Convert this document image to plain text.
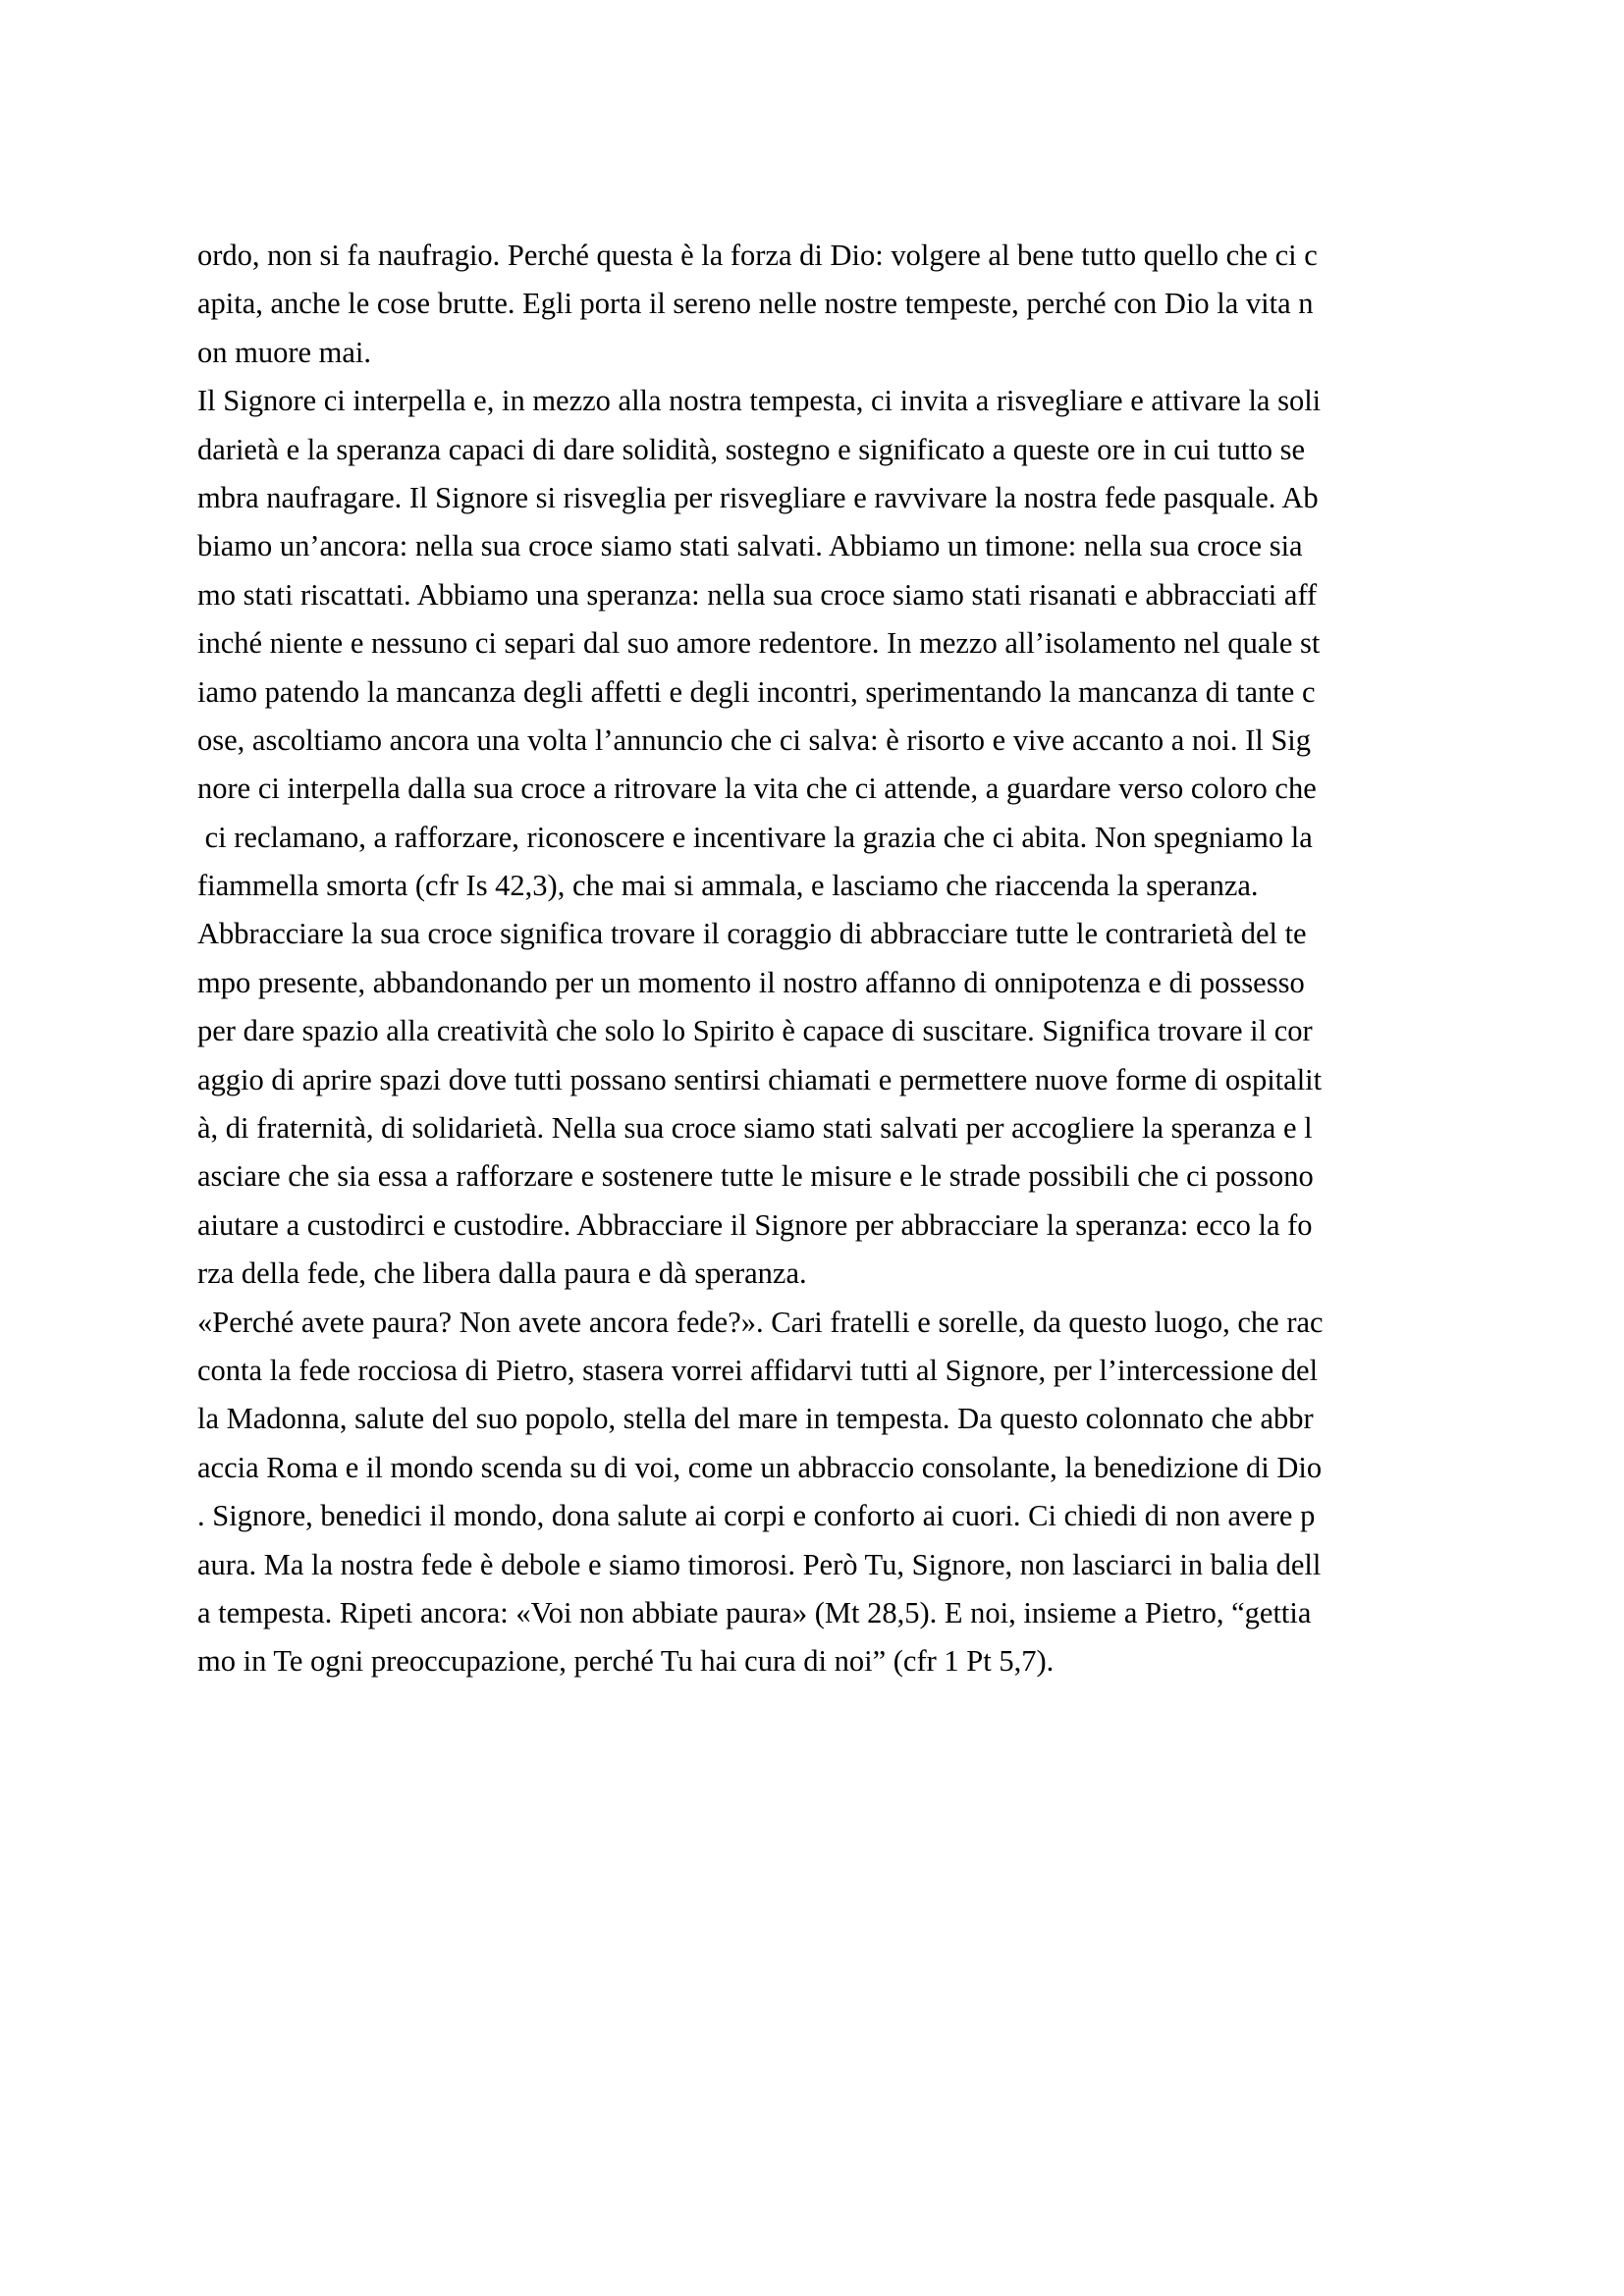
ordo, non si fa naufragio. Perché questa è la forza di Dio: volgere al bene tutto quello che ci c
apita, anche le cose brutte. Egli porta il sereno nelle nostre tempeste, perché con Dio la vita n
on muore mai.
Il Signore ci interpella e, in mezzo alla nostra tempesta, ci invita a risvegliare e attivare la soli
darietà e la speranza capaci di dare solidità, sostegno e significato a queste ore in cui tutto se
mbra naufragare. Il Signore si risveglia per risvegliare e ravvivare la nostra fede pasquale. Ab
biamo un’ancora: nella sua croce siamo stati salvati. Abbiamo un timone: nella sua croce sia
mo stati riscattati. Abbiamo una speranza: nella sua croce siamo stati risanati e abbracciati aff
inché niente e nessuno ci separi dal suo amore redentore. In mezzo all’isolamento nel quale st
iamo patendo la mancanza degli affetti e degli incontri, sperimentando la mancanza di tante c
ose, ascoltiamo ancora una volta l’annuncio che ci salva: è risorto e vive accanto a noi. Il Sig
nore ci interpella dalla sua croce a ritrovare la vita che ci attende, a guardare verso coloro che
ci reclamano, a rafforzare, riconoscere e incentivare la grazia che ci abita. Non spegniamo la
fiammella smorta (cfr Is 42,3), che mai si ammala, e lasciamo che riaccenda la speranza.
Abbracciare la sua croce significa trovare il coraggio di abbracciare tutte le contrarietà del te
mpo presente, abbandonando per un momento il nostro affanno di onnipotenza e di possesso
per dare spazio alla creatività che solo lo Spirito è capace di suscitare. Significa trovare il cor
aggio di aprire spazi dove tutti possano sentirsi chiamati e permettere nuove forme di ospitalit
à, di fraternità, di solidarietà. Nella sua croce siamo stati salvati per accogliere la speranza e l
asciare che sia essa a rafforzare e sostenere tutte le misure e le strade possibili che ci possono
aiutare a custodirci e custodire. Abbracciare il Signore per abbracciare la speranza: ecco la fo
rza della fede, che libera dalla paura e dà speranza.
«Perché avete paura? Non avete ancora fede?». Cari fratelli e sorelle, da questo luogo, che rac
conta la fede rocciosa di Pietro, stasera vorrei affidarvi tutti al Signore, per l’intercessione del
la Madonna, salute del suo popolo, stella del mare in tempesta. Da questo colonnato che abbr
accia Roma e il mondo scenda su di voi, come un abbraccio consolante, la benedizione di Dio
. Signore, benedici il mondo, dona salute ai corpi e conforto ai cuori. Ci chiedi di non avere p
aura. Ma la nostra fede è debole e siamo timorosi. Però Tu, Signore, non lasciarci in balia dell
a tempesta. Ripeti ancora: «Voi non abbiate paura» (Mt 28,5). E noi, insieme a Pietro, “gettia
mo in Te ogni preoccupazione, perché Tu hai cura di noi” (cfr 1 Pt 5,7).
